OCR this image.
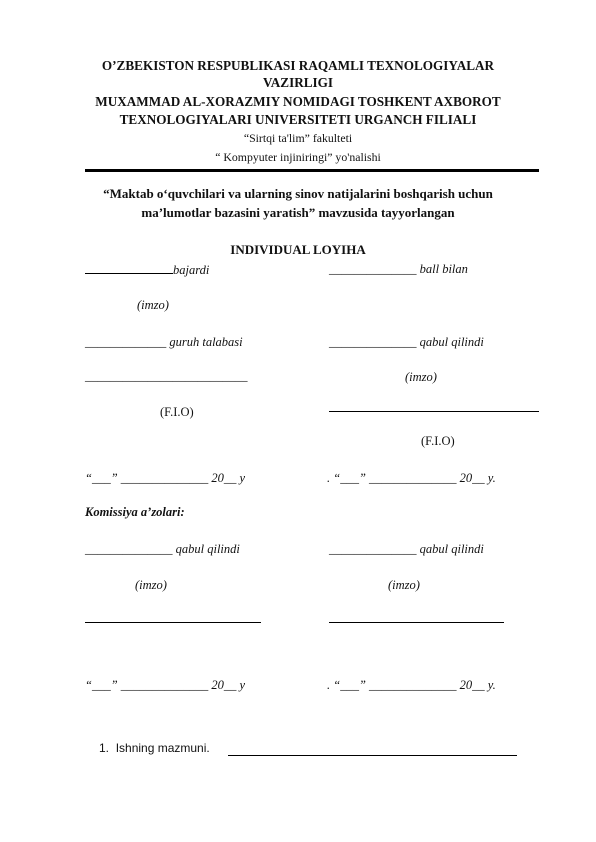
O’ZBEKISTON RESPUBLIKASI RAQAMLI TEXNOLOGIYALAR
VAZIRLIGI
MUXAMMAD AL-XORAZMIY NOMIDAGI TOSHKENT AXBOROT
TEXNOLOGIYALARI UNIVERSITETI URGANCH FILIALI
“Sirtqi ta'lim” fakulteti
“ Kompyuter injiniringi” yo'nalishi
“Maktab o‘quvchilari va ularning sinov natijalarini boshqarish uchun
ma’lumotlar bazasini yaratish” mavzusida tayyorlangan
INDIVIDUAL LOYIHA
bajardi
(imzo)
_____________ guruh talabasi
__________________________
(F.I.O)
“___” ______________ 20__ y
______________ ball bilan
______________ qabul qilindi
(imzo)
(F.I.O)
. “___” ______________ 20__ y.
Komissiya a’zolari:
______________ qabul qilindi	______________ qabul qilindi
(imzo)	(imzo)
“___” ______________ 20__ y	. “___” ______________ 20__ y.
1. Ishning mazmuni.
